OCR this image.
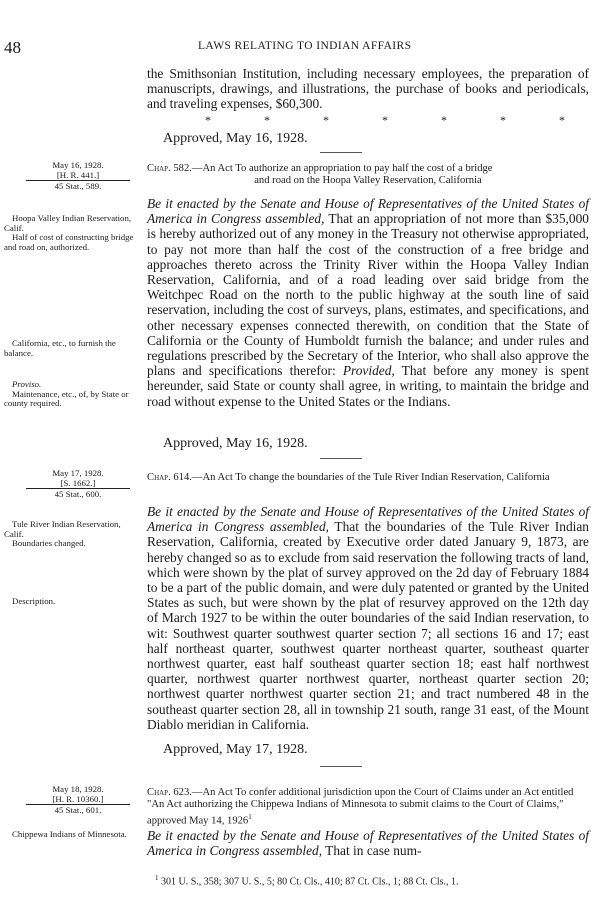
48	LAWS RELATING TO INDIAN AFFAIRS
the Smithsonian Institution, including necessary employees, the preparation of manuscripts, drawings, and illustrations, the purchase of books and periodicals, and traveling expenses, $60,300.
*	*	*	*	*	*	*
Approved, May 16, 1928.
May 16, 1928.
[H. R. 441.]
45 Stat., 589.
Chap. 582.—An Act To authorize an appropriation to pay half the cost of a bridge
and road on the Hoopa Valley Reservation, California
Be it enacted by the Senate and House of Representatives of the United States of America in Congress assembled, That an appropriation of not more than $35,000 is hereby authorized out of any money in the Treasury not otherwise appropriated, to pay not more than half the cost of the construction of a free bridge and approaches thereto across the Trinity River within the Hoopa Valley Indian Reservation, California, and of a road leading over said bridge from the Weitchpec Road on the north to the public highway at the south line of said reservation, including the cost of surveys, plans, estimates, and specifications, and other necessary expenses connected therewith, on condition that the State of California or the County of Humboldt furnish the balance; and under rules and regulations prescribed by the Secretary of the Interior, who shall also approve the plans and specifications therefor: Provided, That before any money is spent hereunder, said State or county shall agree, in writing, to maintain the bridge and road without expense to the United States or the Indians.
Approved, May 16, 1928.
Hoopa Valley Indian Reservation, Calif.
Half of cost of constructing bridge and road on, authorized.
California, etc., to furnish the balance.
Proviso.
Maintenance, etc., of, by State or county required.
May 17, 1928.
[S. 1662.]
45 Stat., 600.
Chap. 614.—An Act To change the boundaries of the Tule River Indian Reservation, California
Be it enacted by the Senate and House of Representatives of the United States of America in Congress assembled, That the boundaries of the Tule River Indian Reservation, California, created by Executive order dated January 9, 1873, are hereby changed so as to exclude from said reservation the following tracts of land, which were shown by the plat of survey approved on the 2d day of February 1884 to be a part of the public domain, and were duly patented or granted by the United States as such, but were shown by the plat of resurvey approved on the 12th day of March 1927 to be within the outer boundaries of the said Indian reservation, to wit: Southwest quarter southwest quarter section 7; all sections 16 and 17; east half northeast quarter, southwest quarter northeast quarter, southeast quarter northwest quarter, east half southeast quarter section 18; east half northwest quarter, northwest quarter northwest quarter, northeast quarter section 20; northwest quarter northwest quarter section 21; and tract numbered 48 in the southeast quarter section 28, all in township 21 south, range 31 east, of the Mount Diablo meridian in California.
Approved, May 17, 1928.
Tule River Indian Reservation, Calif.
Boundaries changed.
Description.
May 18, 1928.
[H. R. 10360.]
45 Stat., 601.
Chap. 623.—An Act To confer additional jurisdiction upon the Court of Claims under an Act entitled "An Act authorizing the Chippewa Indians of Minnesota to submit claims to the Court of Claims," approved May 14, 1926$^1$
Be it enacted by the Senate and House of Representatives of the United States of America in Congress assembled, That in case num-
Chippewa Indians of Minnesota.
$^1$ 301 U. S., 358; 307 U. S., 5; 80 Ct. Cls., 410; 87 Ct. Cls., 1; 88 Ct. Cls., 1.
